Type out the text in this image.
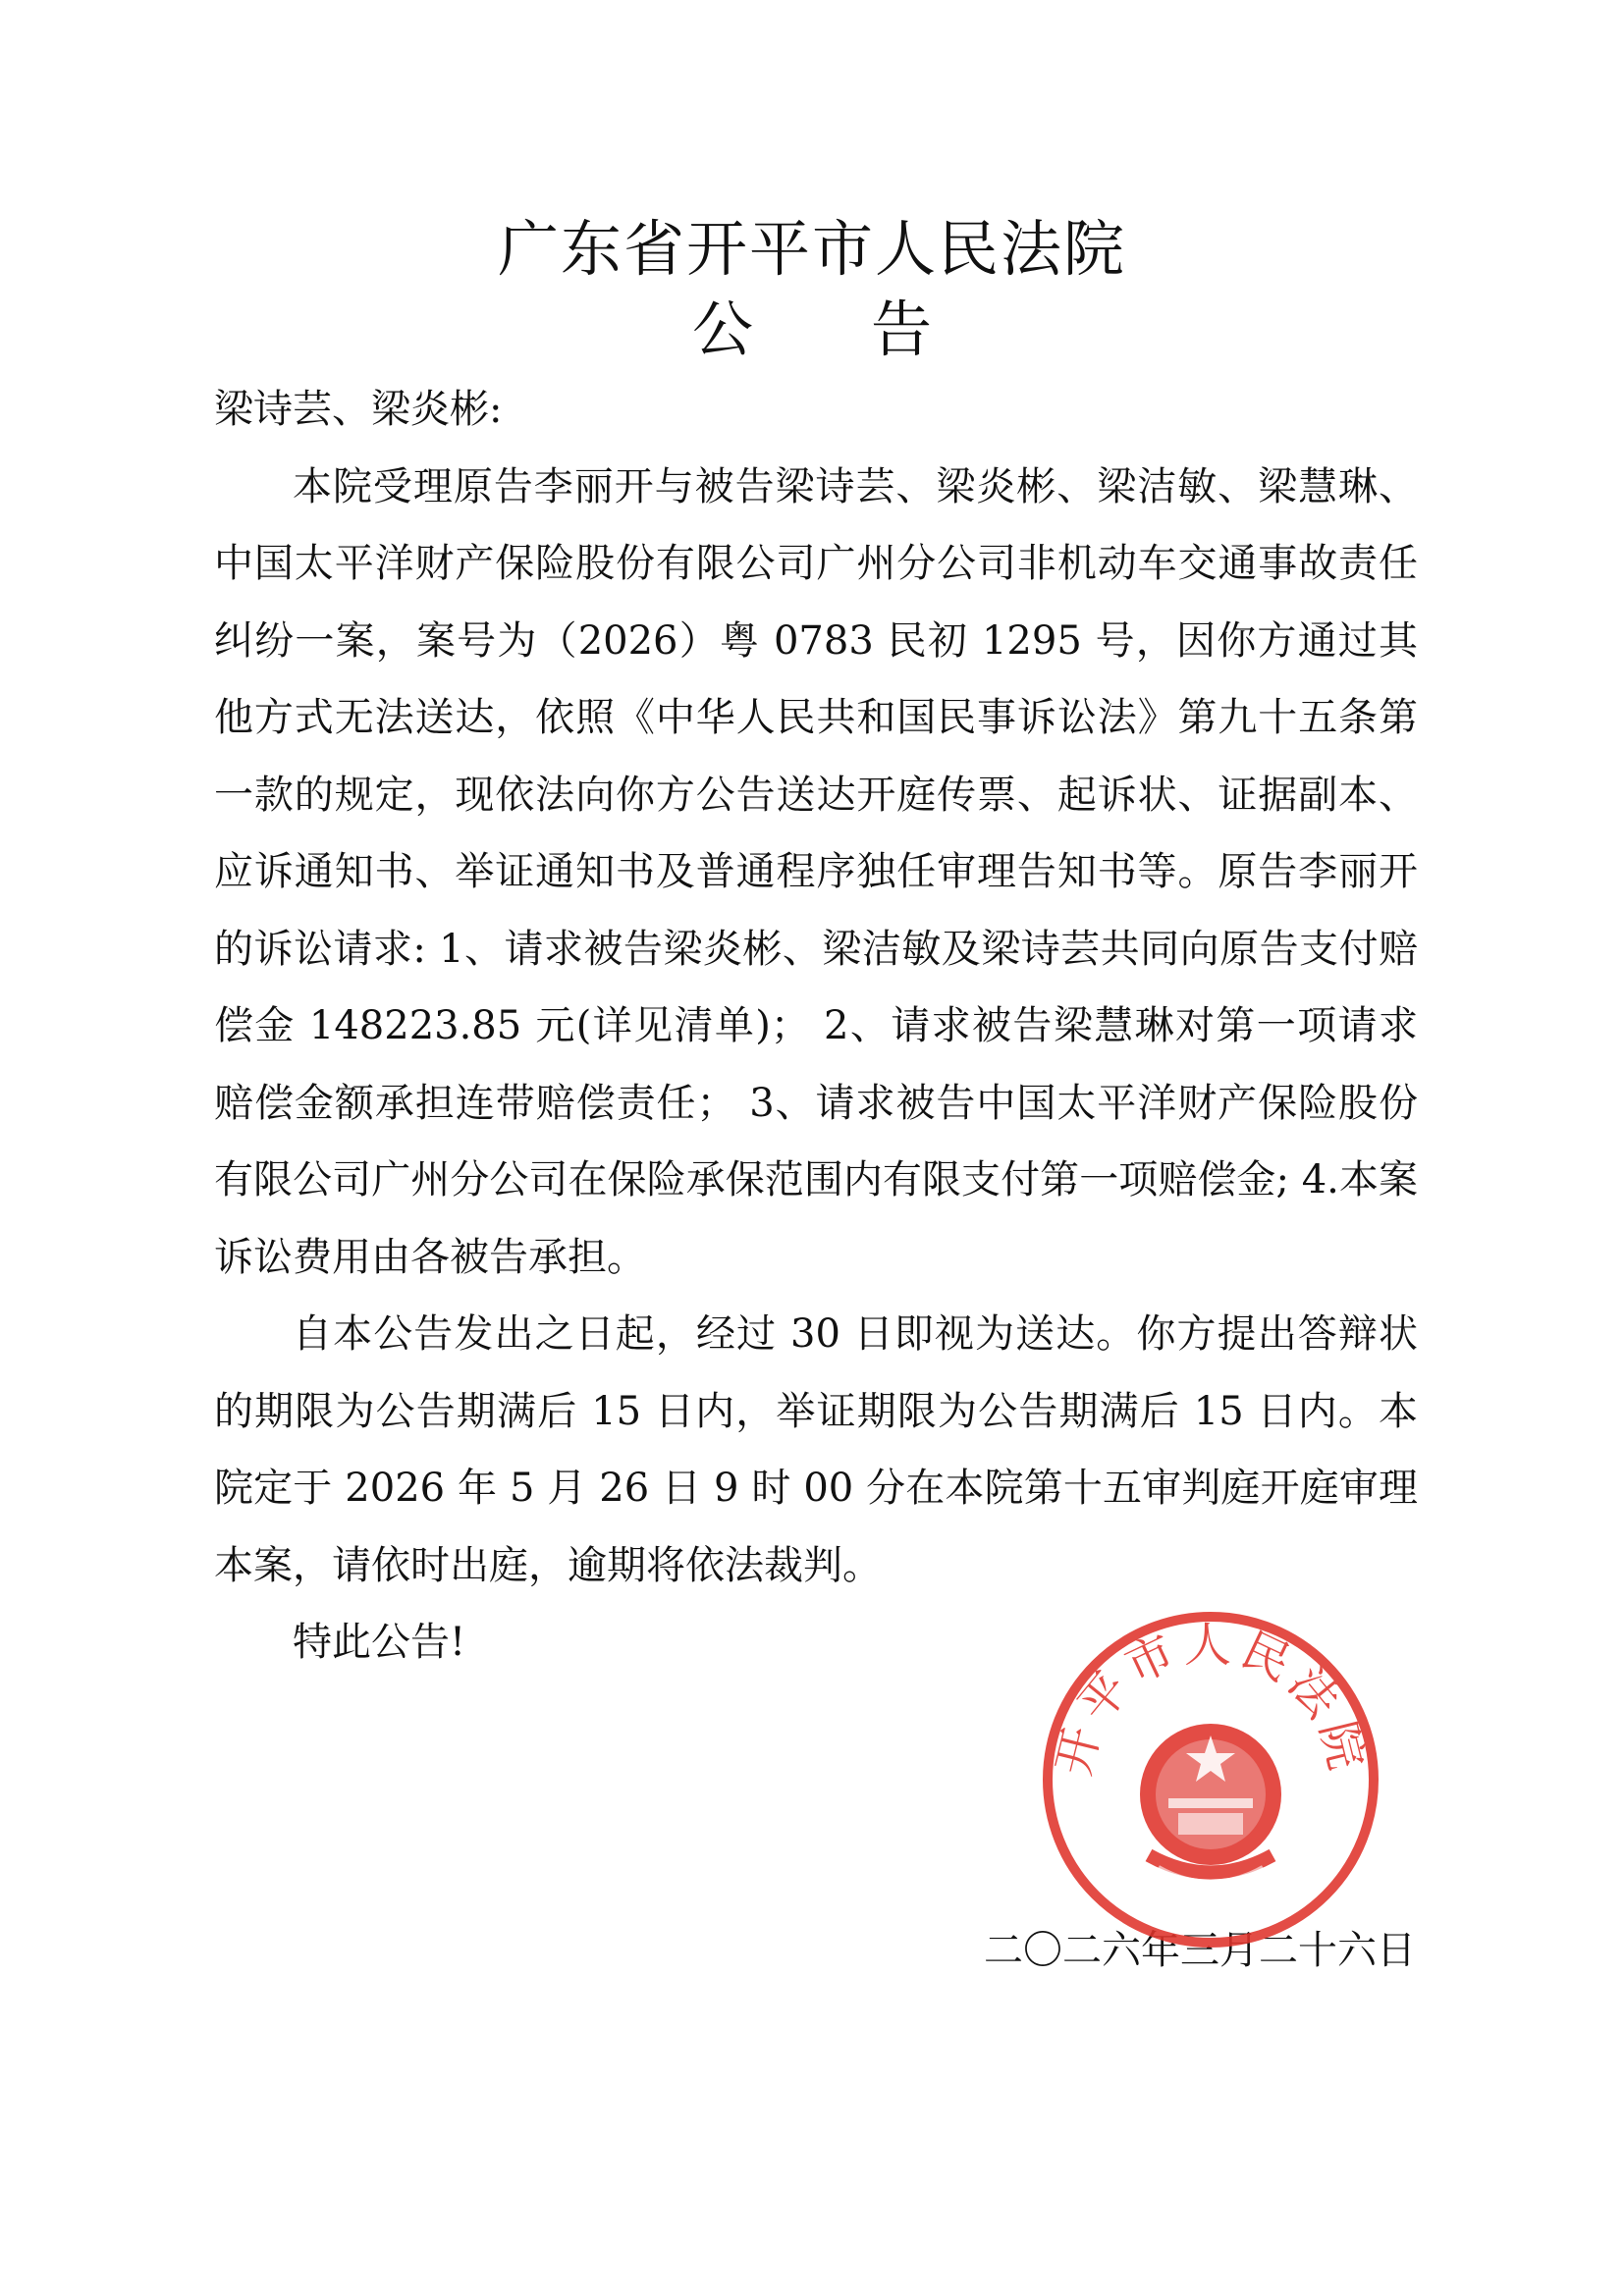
广东省开平市人民法院
公 告

梁诗芸、梁炎彬:

本院受理原告李丽开与被告梁诗芸、梁炎彬、梁洁敏、梁慧琳、中国太平洋财产保险股份有限公司广州分公司非机动车交通事故责任纠纷一案，案号为（2026）粤 0783 民初 1295 号，因你方通过其他方式无法送达，依照《中华人民共和国民事诉讼法》第九十五条第一款的规定，现依法向你方公告送达开庭传票、起诉状、证据副本、应诉通知书、举证通知书及普通程序独任审理告知书等。原告李丽开的诉讼请求: 1、请求被告梁炎彬、梁洁敏及梁诗芸共同向原告支付赔偿金 148223.85 元(详见清单)； 2、请求被告梁慧琳对第一项请求赔偿金额承担连带赔偿责任； 3、请求被告中国太平洋财产保险股份有限公司广州分公司在保险承保范围内有限支付第一项赔偿金; 4.本案诉讼费用由各被告承担。

自本公告发出之日起，经过 30 日即视为送达。你方提出答辩状的期限为公告期满后 15 日内，举证期限为公告期满后 15 日内。本院定于 2026 年 5 月 26 日 9 时 00 分在本院第十五审判庭开庭审理本案，请依时出庭，逾期将依法裁判。

特此公告!

二〇二六年三月二十六日
开平市人民法院
